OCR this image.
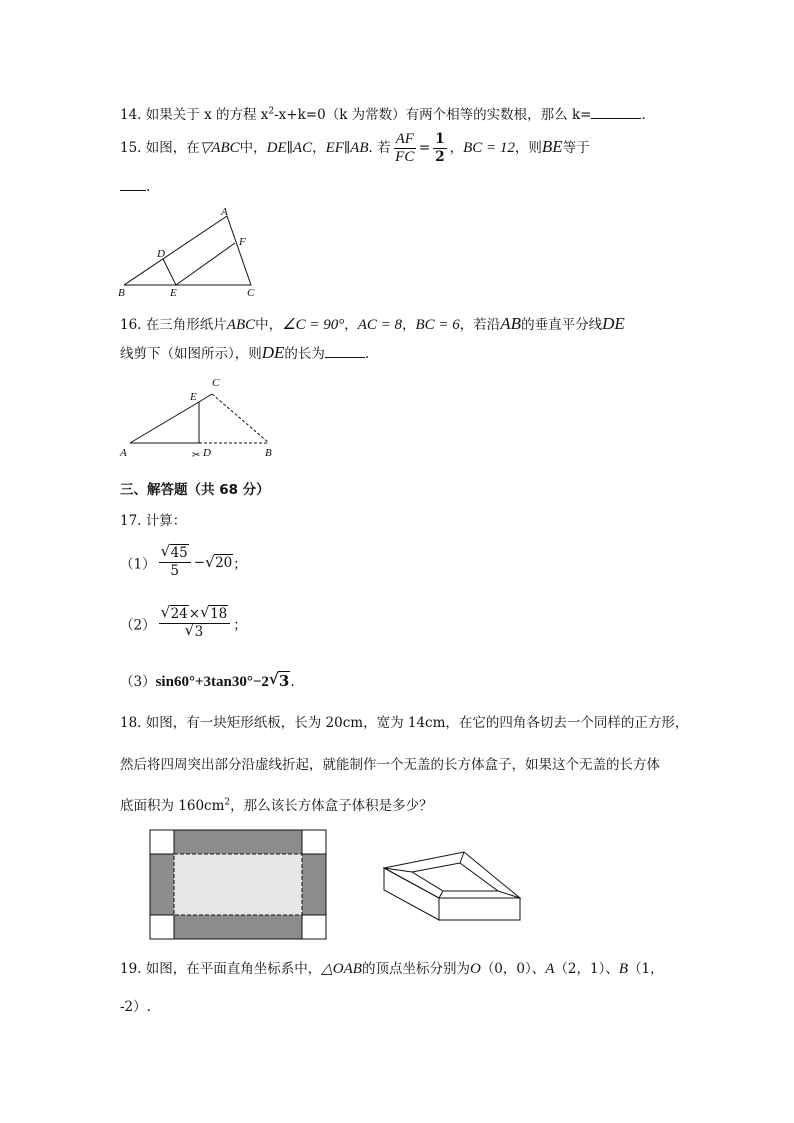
14. 如果关于 x 的方程 $x^2-x+k=0(k$ 为常数）有两个相等的实数根，那么 k=	.
15. 如图，在▽ABC中，DE∥AC，EF∥AB. 若 $\frac{AF}{FC} = \frac{1}{2}$ ，BC = 12，则BE等于
.
A
B	C
D
E
F
16. 在三角形纸片ABC中，∠C = 90°，AC = 8，BC = 6，若沿AB的垂直平分线DE
线剪下（如图所示），则DE的长为	.
✂
A	B
C
D
E
三、解答题（共 68 分）
17. 计算：
$(1) \frac{√ 45}{5}$ − √ 20；
$(2) \frac{√ 24\times √ 18}{√ 3}$ ；
（3）sin60°+3tan30°−2 √ 3.
18. 如图，有一块矩形纸板，长为 20cm，宽为 14cm，在它的四角各切去一个同样的正方形，
然后将四周突出部分沿虚线折起，就能制作一个无盖的长方体盒子，如果这个无盖的长方体
底面积为 $160cm^2$，那么该长方体盒子体积是多少？
19. 如图，在平面直角坐标系中，△OAB的顶点坐标分别为O（0，0）、A（2，1）、B（1，
-2）.
